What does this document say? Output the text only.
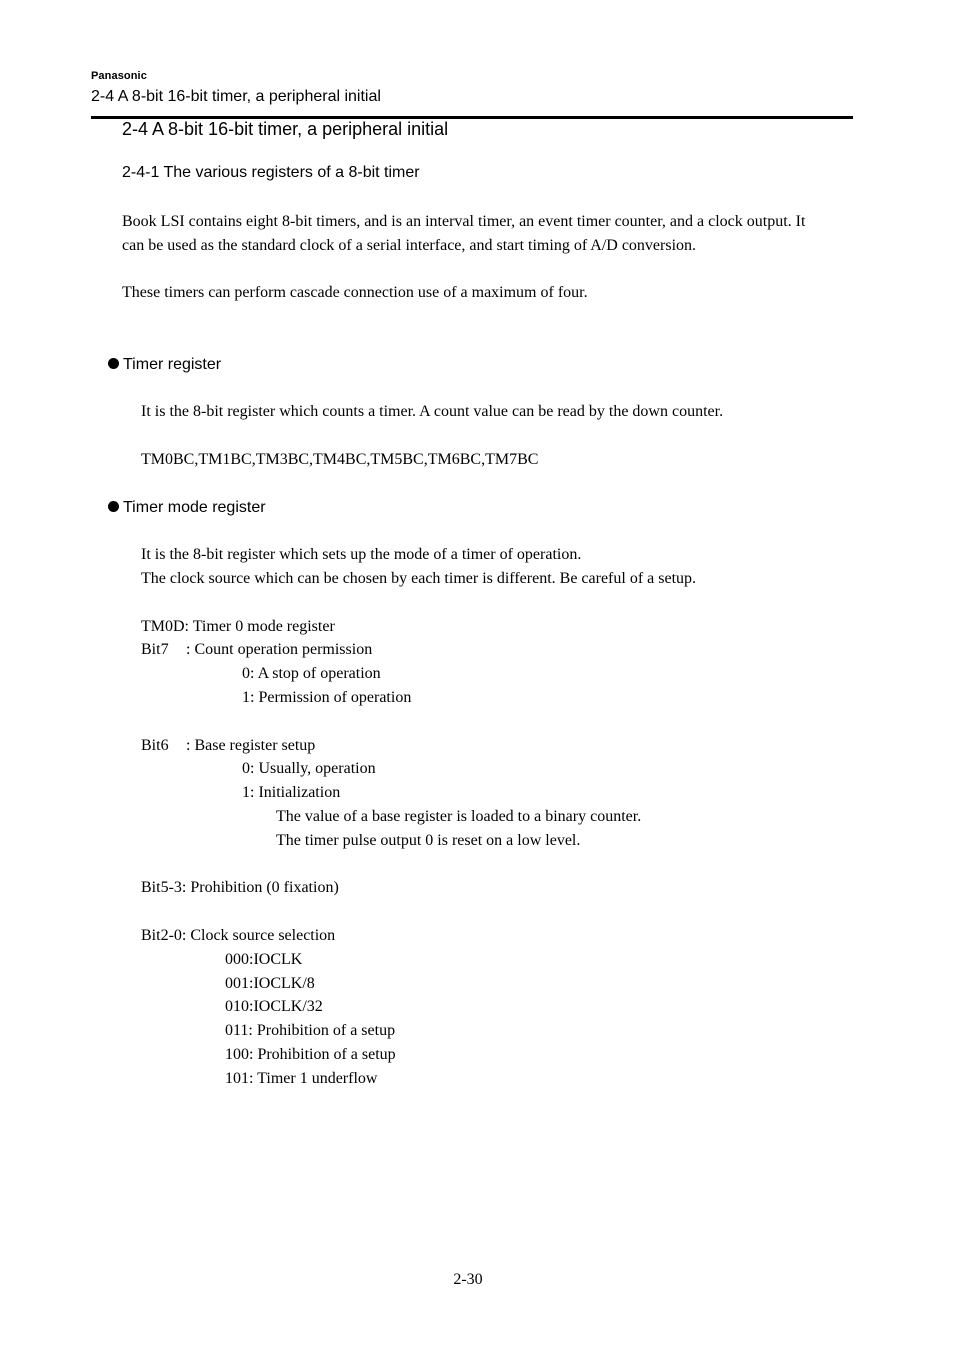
Panasonic
2-4 A 8-bit 16-bit timer, a peripheral initial
2-4 A 8-bit 16-bit timer, a peripheral initial
2-4-1 The various registers of a 8-bit timer
Book LSI contains eight 8-bit timers, and is an interval timer, an event timer counter, and a clock output. It
can be used as the standard clock of a serial interface, and start timing of A/D conversion.
These timers can perform cascade connection use of a maximum of four.
Timer register
It is the 8-bit register which counts a timer. A count value can be read by the down counter.
TM0BC,TM1BC,TM3BC,TM4BC,TM5BC,TM6BC,TM7BC
Timer mode register
It is the 8-bit register which sets up the mode of a timer of operation.
The clock source which can be chosen by each timer is different. Be careful of a setup.
TM0D: Timer 0 mode register
Bit7 : Count operation permission
0: A stop of operation
1: Permission of operation
Bit6 : Base register setup
0: Usually, operation
1: Initialization
The value of a base register is loaded to a binary counter.
The timer pulse output 0 is reset on a low level.
Bit5-3: Prohibition (0 fixation)
Bit2-0: Clock source selection
000:IOCLK
001:IOCLK/8
010:IOCLK/32
011: Prohibition of a setup
100: Prohibition of a setup
101: Timer 1 underflow
2-30
